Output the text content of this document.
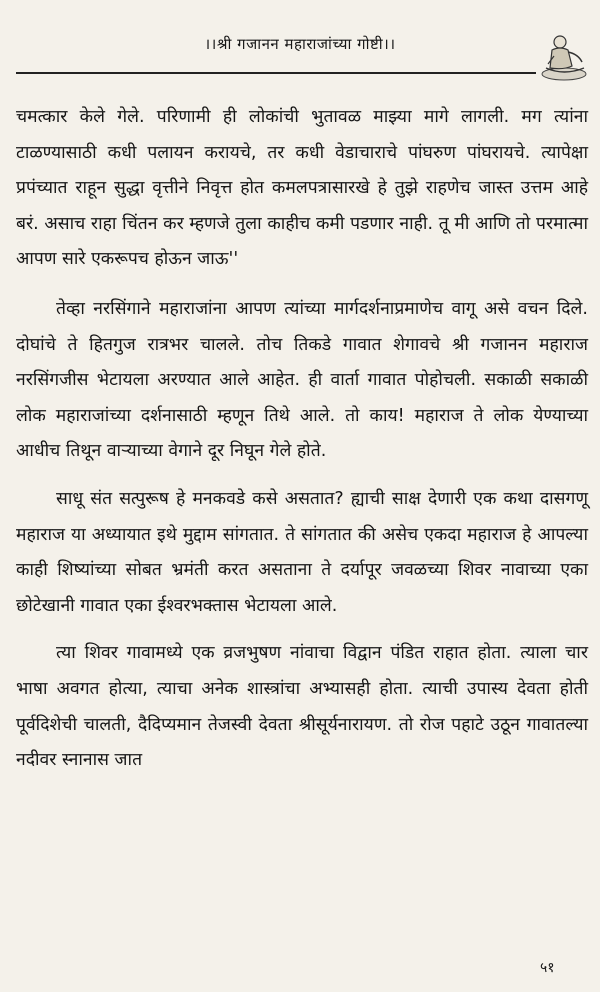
।।श्री गजानन महाराजांच्या गोष्टी।।

चमत्कार केले गेले. परिणामी ही लोकांची भुतावळ माझ्या मागे लागली. मग त्यांना टाळण्यासाठी कधी पलायन करायचे, तर कधी वेडाचाराचे पांघरुण पांघरायचे. त्यापेक्षा प्रपंच्यात राहून सुद्धा वृत्तीने निवृत्त होत कमलपत्रासारखे हे तुझे राहणेच जास्त उत्तम आहे बरं. असाच राहा चिंतन कर म्हणजे तुला काहीच कमी पडणार नाही. तू मी आणि तो परमात्मा आपण सारे एकरूपच होऊन जाऊ''

तेव्हा नरसिंगाने महाराजांना आपण त्यांच्या मार्गदर्शनाप्रमाणेच वागू असे वचन दिले. दोघांचे ते हितगुज रात्रभर चालले. तोच तिकडे गावात शेगावचे श्री गजानन महाराज नरसिंगजीस भेटायला अरण्यात आले आहेत. ही वार्ता गावात पोहोचली. सकाळी सकाळी लोक महाराजांच्या दर्शनासाठी म्हणून तिथे आले. तो काय! महाराज ते लोक येण्याच्या आधीच तिथून वाऱ्याच्या वेगाने दूर निघून गेले होते.

साधू संत सत्पुरूष हे मनकवडे कसे असतात? ह्याची साक्ष देणारी एक कथा दासगणू महाराज या अध्यायात इथे मुद्दाम सांगतात. ते सांगतात की असेच एकदा महाराज हे आपल्या काही शिष्यांच्या सोबत भ्रमंती करत असताना ते दर्यापूर जवळच्या शिवर नावाच्या एका छोटेखानी गावात एका ईश्वरभक्तास भेटायला आले.

त्या शिवर गावामध्ये एक व्रजभुषण नांवाचा विद्वान पंडित राहात होता. त्याला चार भाषा अवगत होत्या, त्याचा अनेक शास्त्रांचा अभ्यासही होता. त्याची उपास्य देवता होती पूर्वदिशेची चालती, दैदिप्यमान तेजस्वी देवता श्रीसूर्यनारायण. तो रोज पहाटे उठून गावातल्या नदीवर स्नानास जात

५१
